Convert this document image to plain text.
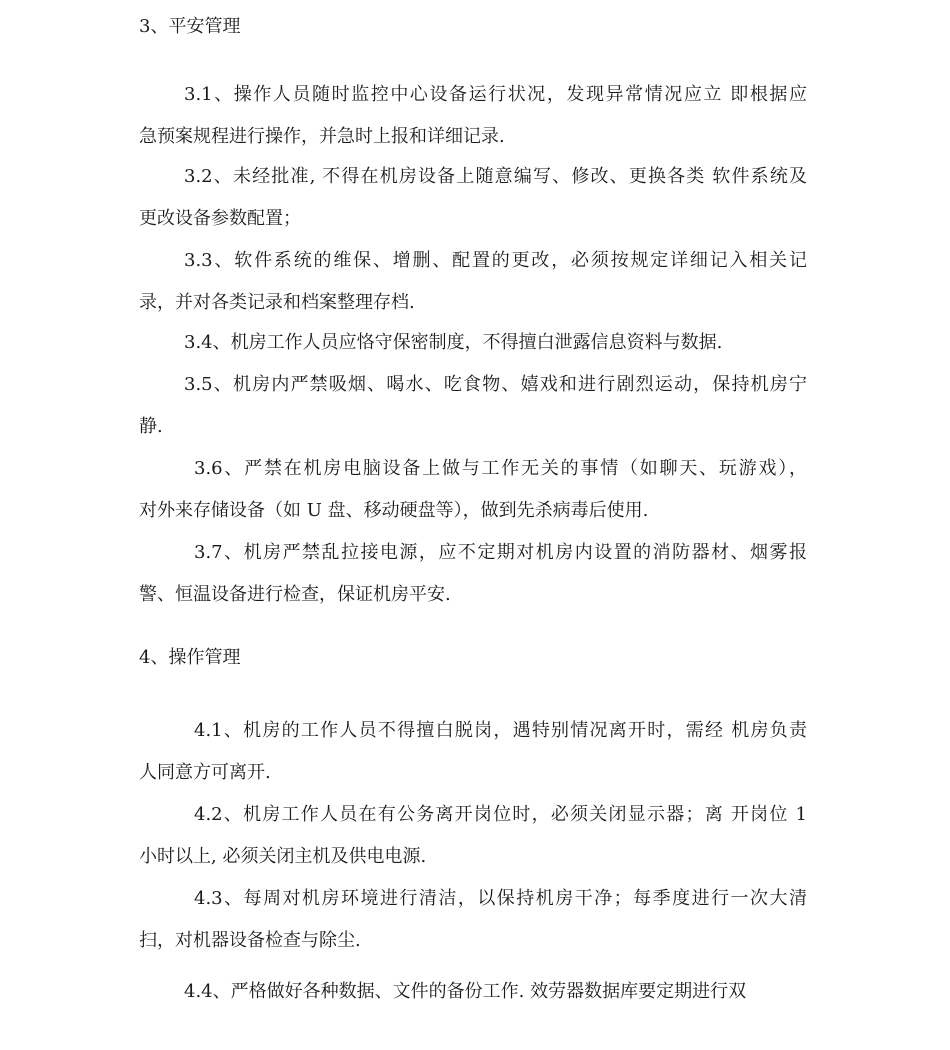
3、平安管理

3.1、操作人员随时监控中心设备运行状况，发现异常情况应立 即根据应
急预案规程进行操作，并急时上报和详细记录.

3.2、未经批准, 不得在机房设备上随意编写、修改、更换各类 软件系统及
更改设备参数配置；

3.3、软件系统的维保、增删、配置的更改，必须按规定详细记入相关记
录，并对各类记录和档案整理存档.

3.4、机房工作人员应恪守保密制度，不得擅白泄露信息资料与数据.

3.5、机房内严禁吸烟、喝水、吃食物、嬉戏和进行剧烈运动，保持机房宁
静.

3.6、严禁在机房电脑设备上做与工作无关的事情（如聊天、玩游戏），
对外来存储设备（如 U 盘、移动硬盘等），做到先杀病毒后使用.

3.7、机房严禁乱拉接电源，应不定期对机房内设置的消防器材、烟雾报
警、恒温设备进行检查，保证机房平安.

4、操作管理

4.1、机房的工作人员不得擅白脱岗，遇特别情况离开时，需经 机房负责
人同意方可离开.

4.2、机房工作人员在有公务离开岗位时，必须关闭显示器；离 开岗位 1
小时以上, 必须关闭主机及供电电源.

4.3、每周对机房环境进行清洁，以保持机房干净；每季度进行一次大清
扫，对机器设备检查与除尘.

4.4、严格做好各种数据、文件的备份工作. 效劳器数据库要定期进行双
